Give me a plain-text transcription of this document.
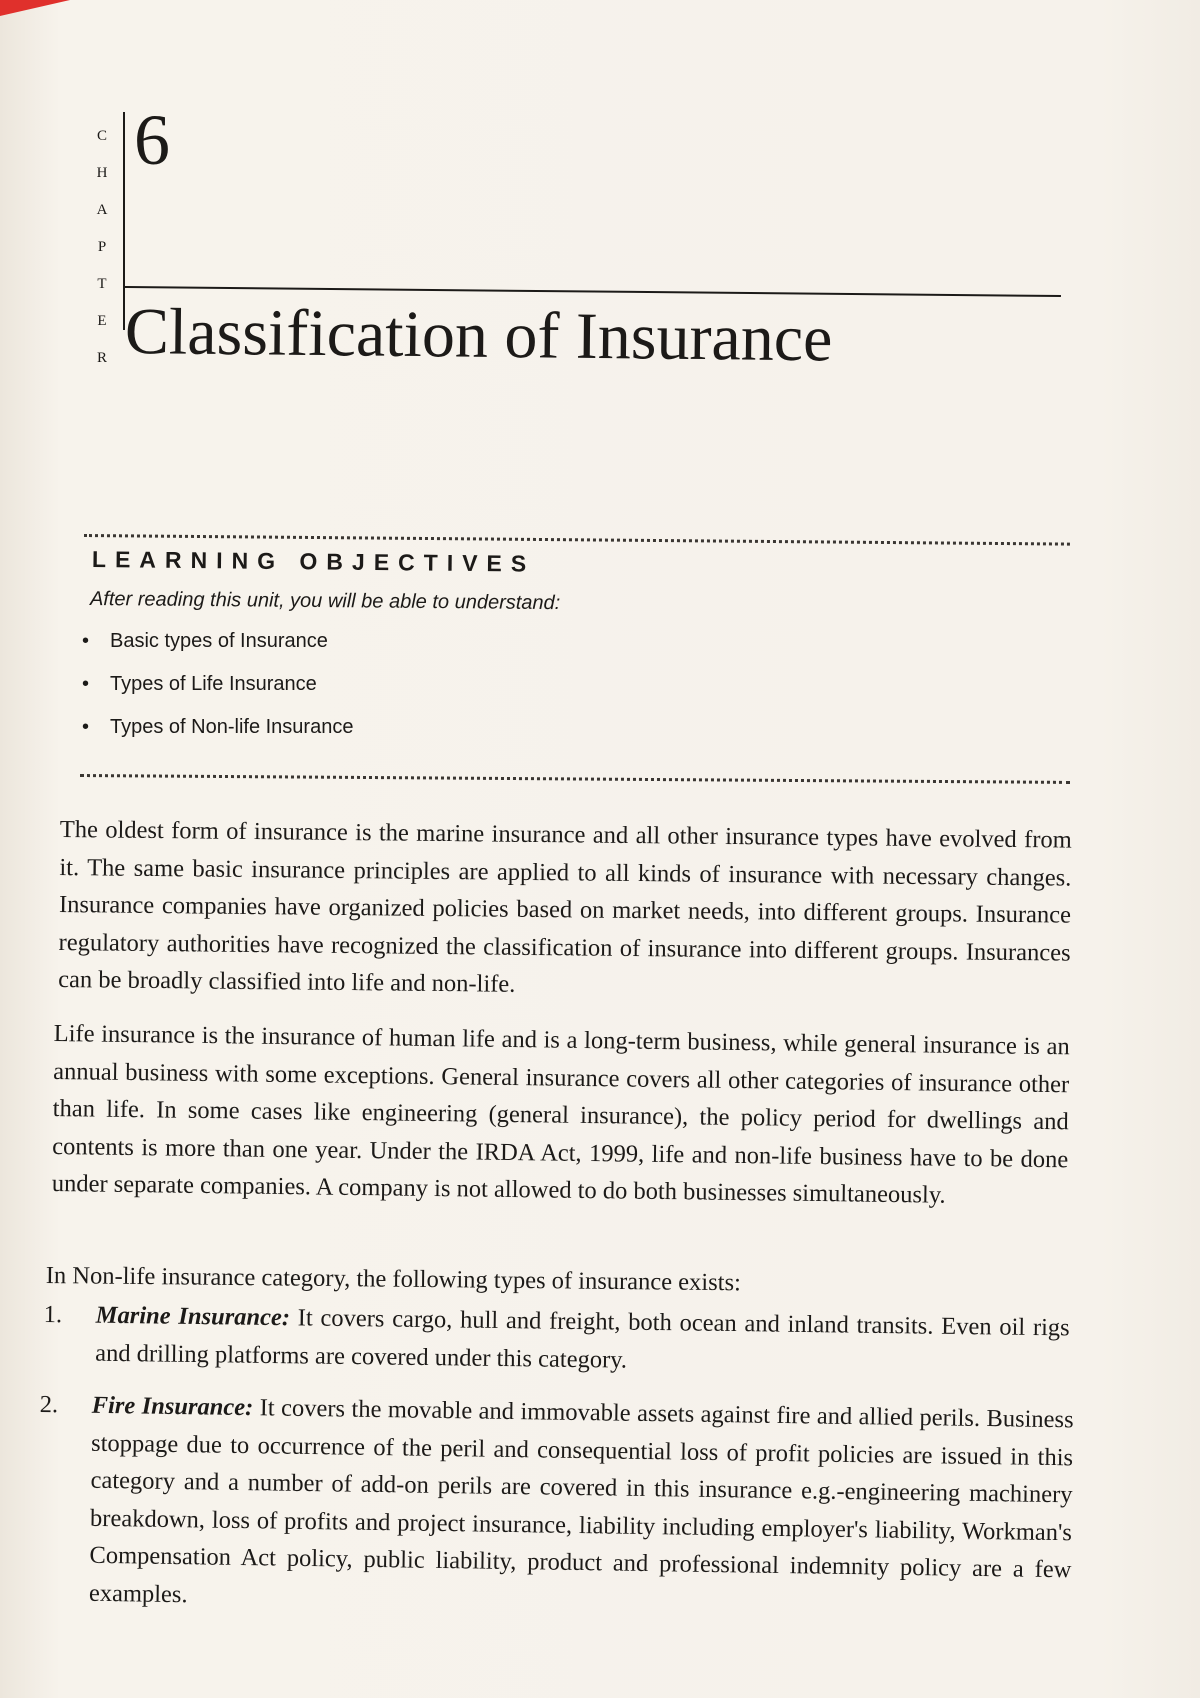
C
H
A
P
T
E
R
6
Classification of Insurance
LEARNING OBJECTIVES
After reading this unit, you will be able to understand:
• Basic types of Insurance
• Types of Life Insurance
• Types of Non-life Insurance

The oldest form of insurance is the marine insurance and all other insurance types have evolved from it. The same basic insurance principles are applied to all kinds of insurance with necessary changes. Insurance companies have organized policies based on market needs, into different groups. Insurance regulatory authorities have recognized the classification of insurance into different groups. Insurances can be broadly classified into life and non-life.

Life insurance is the insurance of human life and is a long-term business, while general insurance is an annual business with some exceptions. General insurance covers all other categories of insurance other than life. In some cases like engineering (general insurance), the policy period for dwellings and contents is more than one year. Under the IRDA Act, 1999, life and non-life business have to be done under separate companies. A company is not allowed to do both businesses simultaneously.

In Non-life insurance category, the following types of insurance exists:

1. Marine Insurance: It covers cargo, hull and freight, both ocean and inland transits. Even oil rigs and drilling platforms are covered under this category.
2. Fire Insurance: It covers the movable and immovable assets against fire and allied perils. Business stoppage due to occurrence of the peril and consequential loss of profit policies are issued in this category and a number of add-on perils are covered in this insurance e.g.-engineering machinery breakdown, loss of profits and project insurance, liability including employer's liability, Workman's Compensation Act policy, public liability, product and professional indemnity policy are a few examples.
